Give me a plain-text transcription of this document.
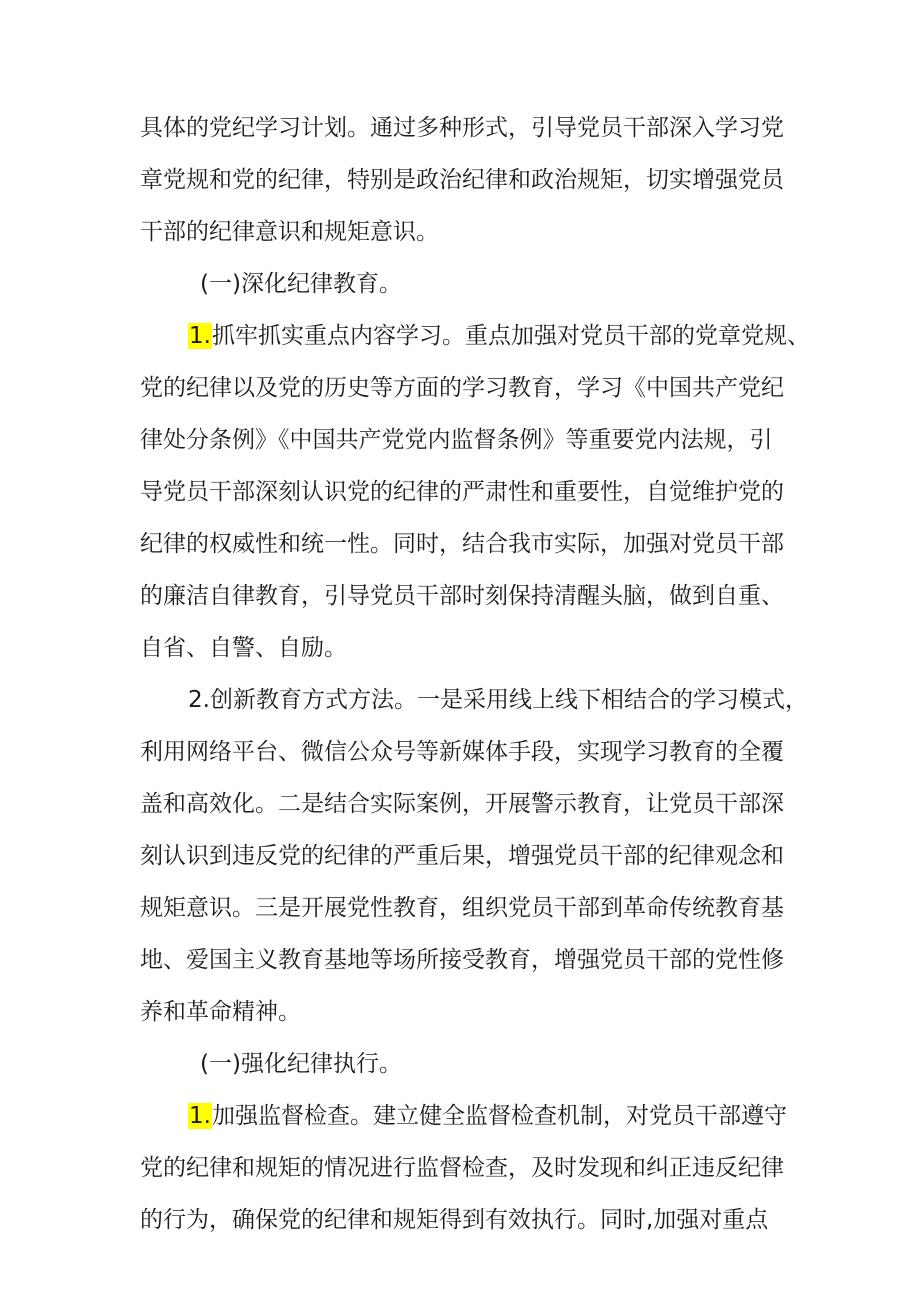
具体的党纪学习计划。通过多种形式，引导党员干部深入学习党
章党规和党的纪律，特别是政治纪律和政治规矩，切实增强党员
干部的纪律意识和规矩意识。
(一)深化纪律教育。
1.抓牢抓实重点内容学习。重点加强对党员干部的党章党规、
党的纪律以及党的历史等方面的学习教育，学习《中国共产党纪
律处分条例》《中国共产党党内监督条例》等重要党内法规，引
导党员干部深刻认识党的纪律的严肃性和重要性，自觉维护党的
纪律的权威性和统一性。同时，结合我市实际，加强对党员干部
的廉洁自律教育，引导党员干部时刻保持清醒头脑，做到自重、
自省、自警、自励。
2.创新教育方式方法。一是采用线上线下相结合的学习模式，
利用网络平台、微信公众号等新媒体手段，实现学习教育的全覆
盖和高效化。二是结合实际案例，开展警示教育，让党员干部深
刻认识到违反党的纪律的严重后果，增强党员干部的纪律观念和
规矩意识。三是开展党性教育，组织党员干部到革命传统教育基
地、爱国主义教育基地等场所接受教育，增强党员干部的党性修
养和革命精神。
(一)强化纪律执行。
1.加强监督检查。建立健全监督检查机制，对党员干部遵守
党的纪律和规矩的情况进行监督检查，及时发现和纠正违反纪律
的行为，确保党的纪律和规矩得到有效执行。同时,加强对重点
